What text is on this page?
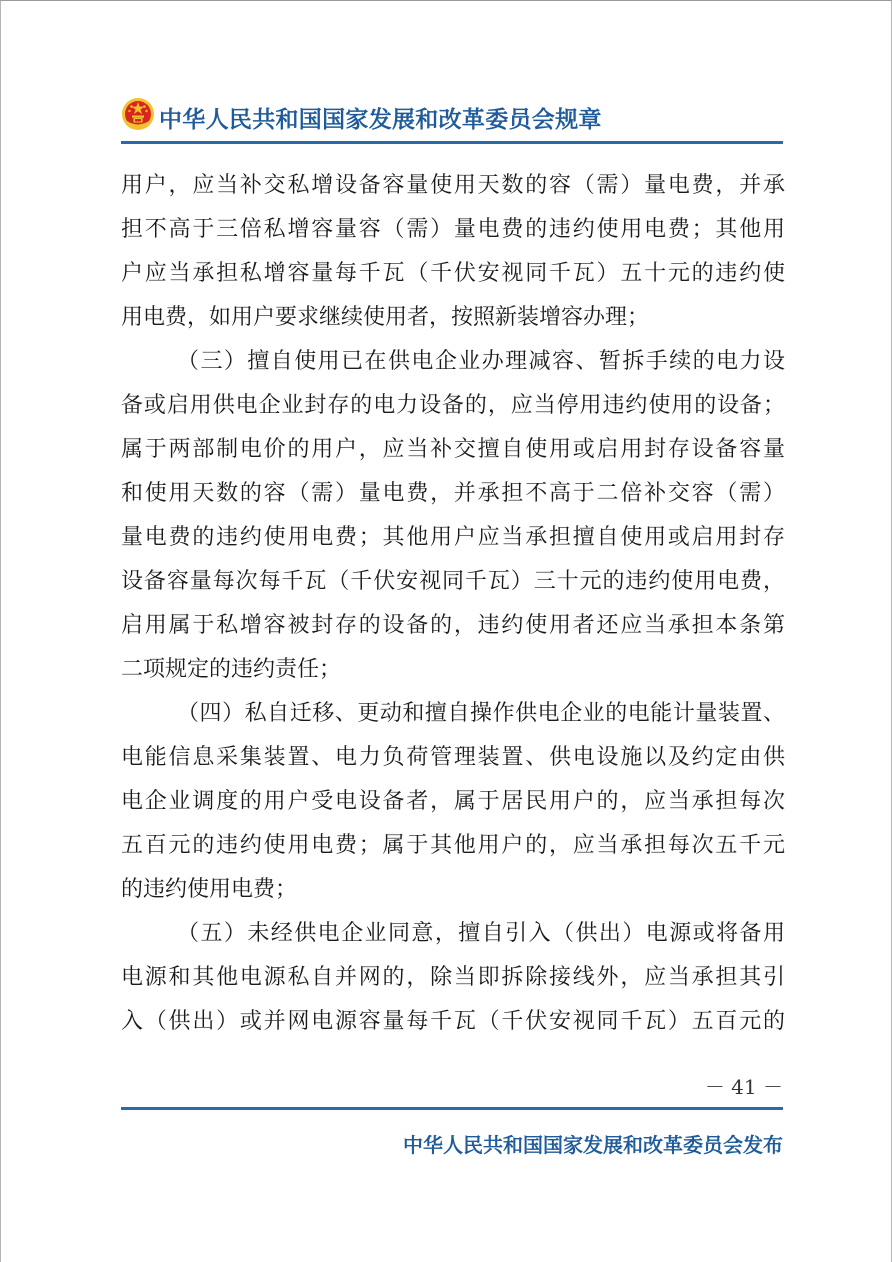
中华人民共和国国家发展和改革委员会规章
用户，应当补交私增设备容量使用天数的容（需）量电费，并承
担不高于三倍私增容量容（需）量电费的违约使用电费；其他用
户应当承担私增容量每千瓦（千伏安视同千瓦）五十元的违约使
用电费，如用户要求继续使用者，按照新装增容办理；
（三）擅自使用已在供电企业办理减容、暂拆手续的电力设
备或启用供电企业封存的电力设备的，应当停用违约使用的设备；
属于两部制电价的用户，应当补交擅自使用或启用封存设备容量
和使用天数的容（需）量电费，并承担不高于二倍补交容（需）
量电费的违约使用电费；其他用户应当承担擅自使用或启用封存
设备容量每次每千瓦（千伏安视同千瓦）三十元的违约使用电费，
启用属于私增容被封存的设备的，违约使用者还应当承担本条第
二项规定的违约责任；
（四）私自迁移、更动和擅自操作供电企业的电能计量装置、
电能信息采集装置、电力负荷管理装置、供电设施以及约定由供
电企业调度的用户受电设备者，属于居民用户的，应当承担每次
五百元的违约使用电费；属于其他用户的，应当承担每次五千元
的违约使用电费；
（五）未经供电企业同意，擅自引入（供出）电源或将备用
电源和其他电源私自并网的，除当即拆除接线外，应当承担其引
入（供出）或并网电源容量每千瓦（千伏安视同千瓦）五百元的
－ 41 －
中华人民共和国国家发展和改革委员会发布
